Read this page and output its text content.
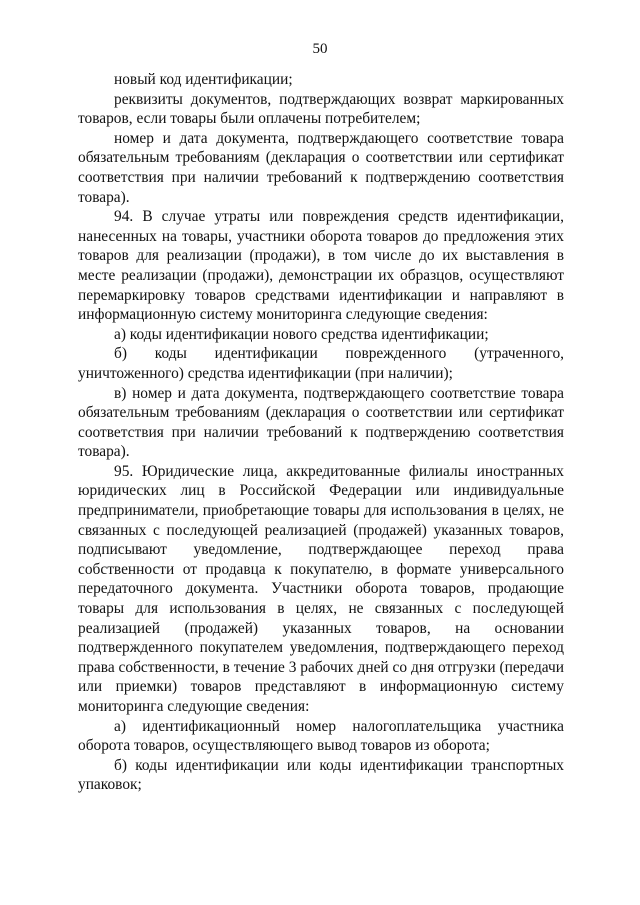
50

новый код идентификации;

реквизиты документов, подтверждающих возврат маркированных товаров, если товары были оплачены потребителем;

номер и дата документа, подтверждающего соответствие товара обязательным требованиям (декларация о соответствии или сертификат соответствия при наличии требований к подтверждению соответствия товара).

94. В случае утраты или повреждения средств идентификации, нанесенных на товары, участники оборота товаров до предложения этих товаров для реализации (продажи), в том числе до их выставления в месте реализации (продажи), демонстрации их образцов, осуществляют перемаркировку товаров средствами идентификации и направляют в информационную систему мониторинга следующие сведения:

а) коды идентификации нового средства идентификации;

б) коды идентификации поврежденного (утраченного, уничтоженного) средства идентификации (при наличии);

в) номер и дата документа, подтверждающего соответствие товара обязательным требованиям (декларация о соответствии или сертификат соответствия при наличии требований к подтверждению соответствия товара).

95. Юридические лица, аккредитованные филиалы иностранных юридических лиц в Российской Федерации или индивидуальные предприниматели, приобретающие товары для использования в целях, не связанных с последующей реализацией (продажей) указанных товаров, подписывают уведомление, подтверждающее переход права собственности от продавца к покупателю, в формате универсального передаточного документа. Участники оборота товаров, продающие товары для использования в целях, не связанных с последующей реализацией (продажей) указанных товаров, на основании подтвержденного покупателем уведомления, подтверждающего переход права собственности, в течение 3 рабочих дней со дня отгрузки (передачи или приемки) товаров представляют в информационную систему мониторинга следующие сведения:

а) идентификационный номер налогоплательщика участника оборота товаров, осуществляющего вывод товаров из оборота;

б) коды идентификации или коды идентификации транспортных упаковок;
